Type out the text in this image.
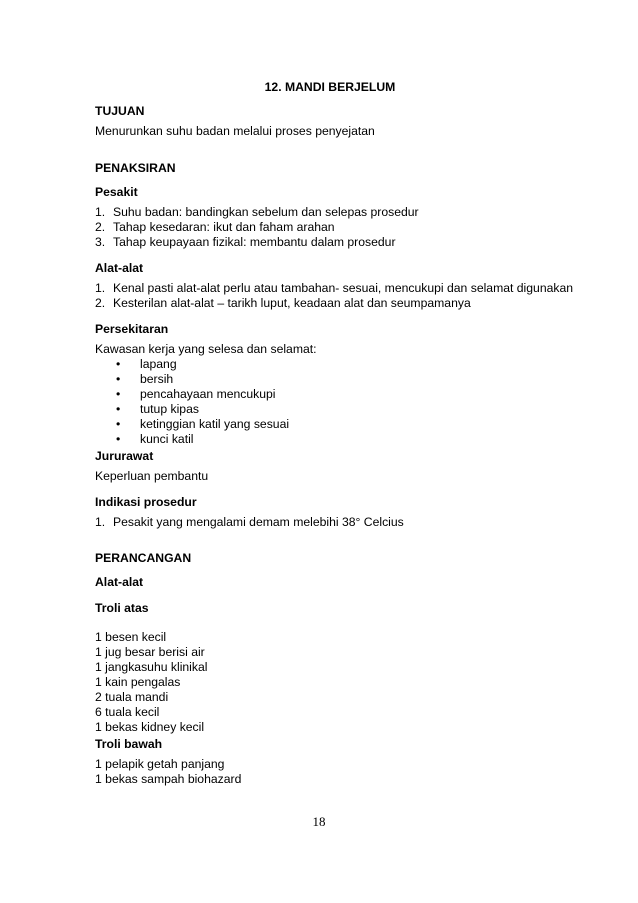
12. MANDI BERJELUM
TUJUAN
Menurunkan suhu badan melalui proses penyejatan
PENAKSIRAN
Pesakit
1. Suhu badan: bandingkan sebelum dan selepas prosedur
2. Tahap kesedaran: ikut dan faham arahan
3. Tahap keupayaan fizikal: membantu dalam prosedur
Alat-alat
1. Kenal pasti alat-alat perlu atau tambahan- sesuai, mencukupi dan selamat digunakan
2. Kesterilan alat-alat – tarikh luput, keadaan alat dan seumpamanya
Persekitaran
Kawasan kerja yang selesa dan selamat:
• lapang
• bersih
• pencahayaan mencukupi
• tutup kipas
• ketinggian katil yang sesuai
• kunci katil
Jururawat
Keperluan pembantu
Indikasi prosedur
1. Pesakit yang mengalami demam melebihi 38° Celcius
PERANCANGAN
Alat-alat
Troli atas
1 besen kecil
1 jug besar berisi air
1 jangkasuhu klinikal
1 kain pengalas
2 tuala mandi
6 tuala kecil
1 bekas kidney kecil
Troli bawah
1 pelapik getah panjang
1 bekas sampah biohazard
18
